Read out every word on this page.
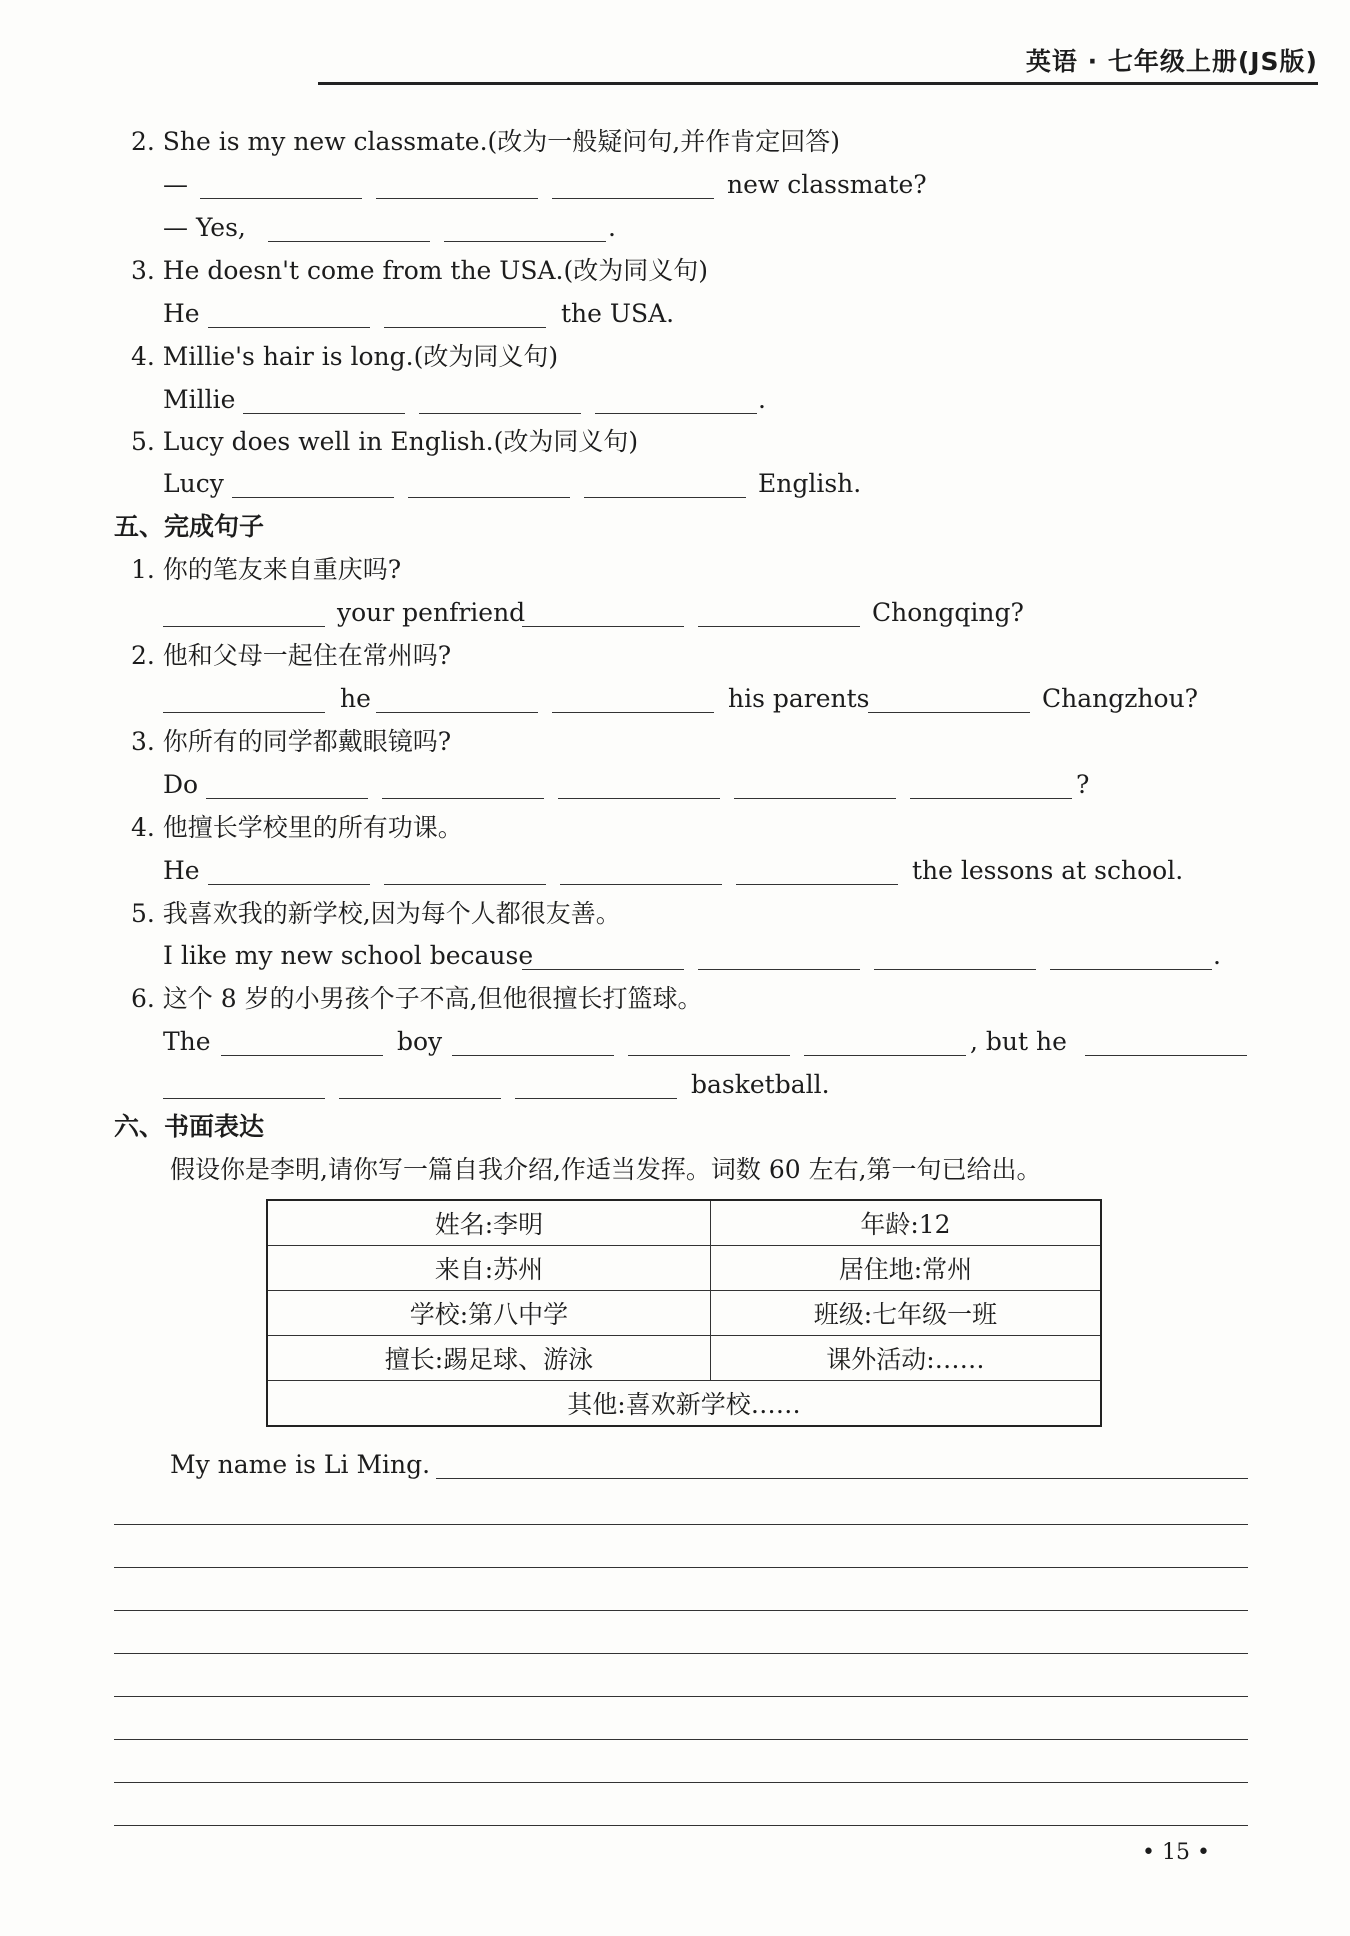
英语 · 七年级上册(JS版)
2. She is my new classmate.(改为一般疑问句,并作肯定回答)
—	new classmate?
— Yes,	.
3. He doesn't come from the USA.(改为同义句)
He	the USA.
4. Millie's hair is long.(改为同义句)
Millie	.
5. Lucy does well in English.(改为同义句)
Lucy	English.
五、完成句子
1. 你的笔友来自重庆吗?
your penfriend	Chongqing?
2. 他和父母一起住在常州吗?
he	his parents	Changzhou?
3. 你所有的同学都戴眼镜吗?
Do	?
4. 他擅长学校里的所有功课。
He	the lessons at school.
5. 我喜欢我的新学校,因为每个人都很友善。
I like my new school because	.
6. 这个 8 岁的小男孩个子不高,但他很擅长打篮球。
The	boy	, but he
basketball.
六、书面表达
假设你是李明,请你写一篇自我介绍,作适当发挥。词数 60 左右,第一句已给出。
姓名:李明	年龄:12
来自:苏州	居住地:常州
学校:第八中学	班级:七年级一班
擅长:踢足球、游泳	课外活动:……
其他:喜欢新学校……	
My name is Li Ming.
• 15 •
